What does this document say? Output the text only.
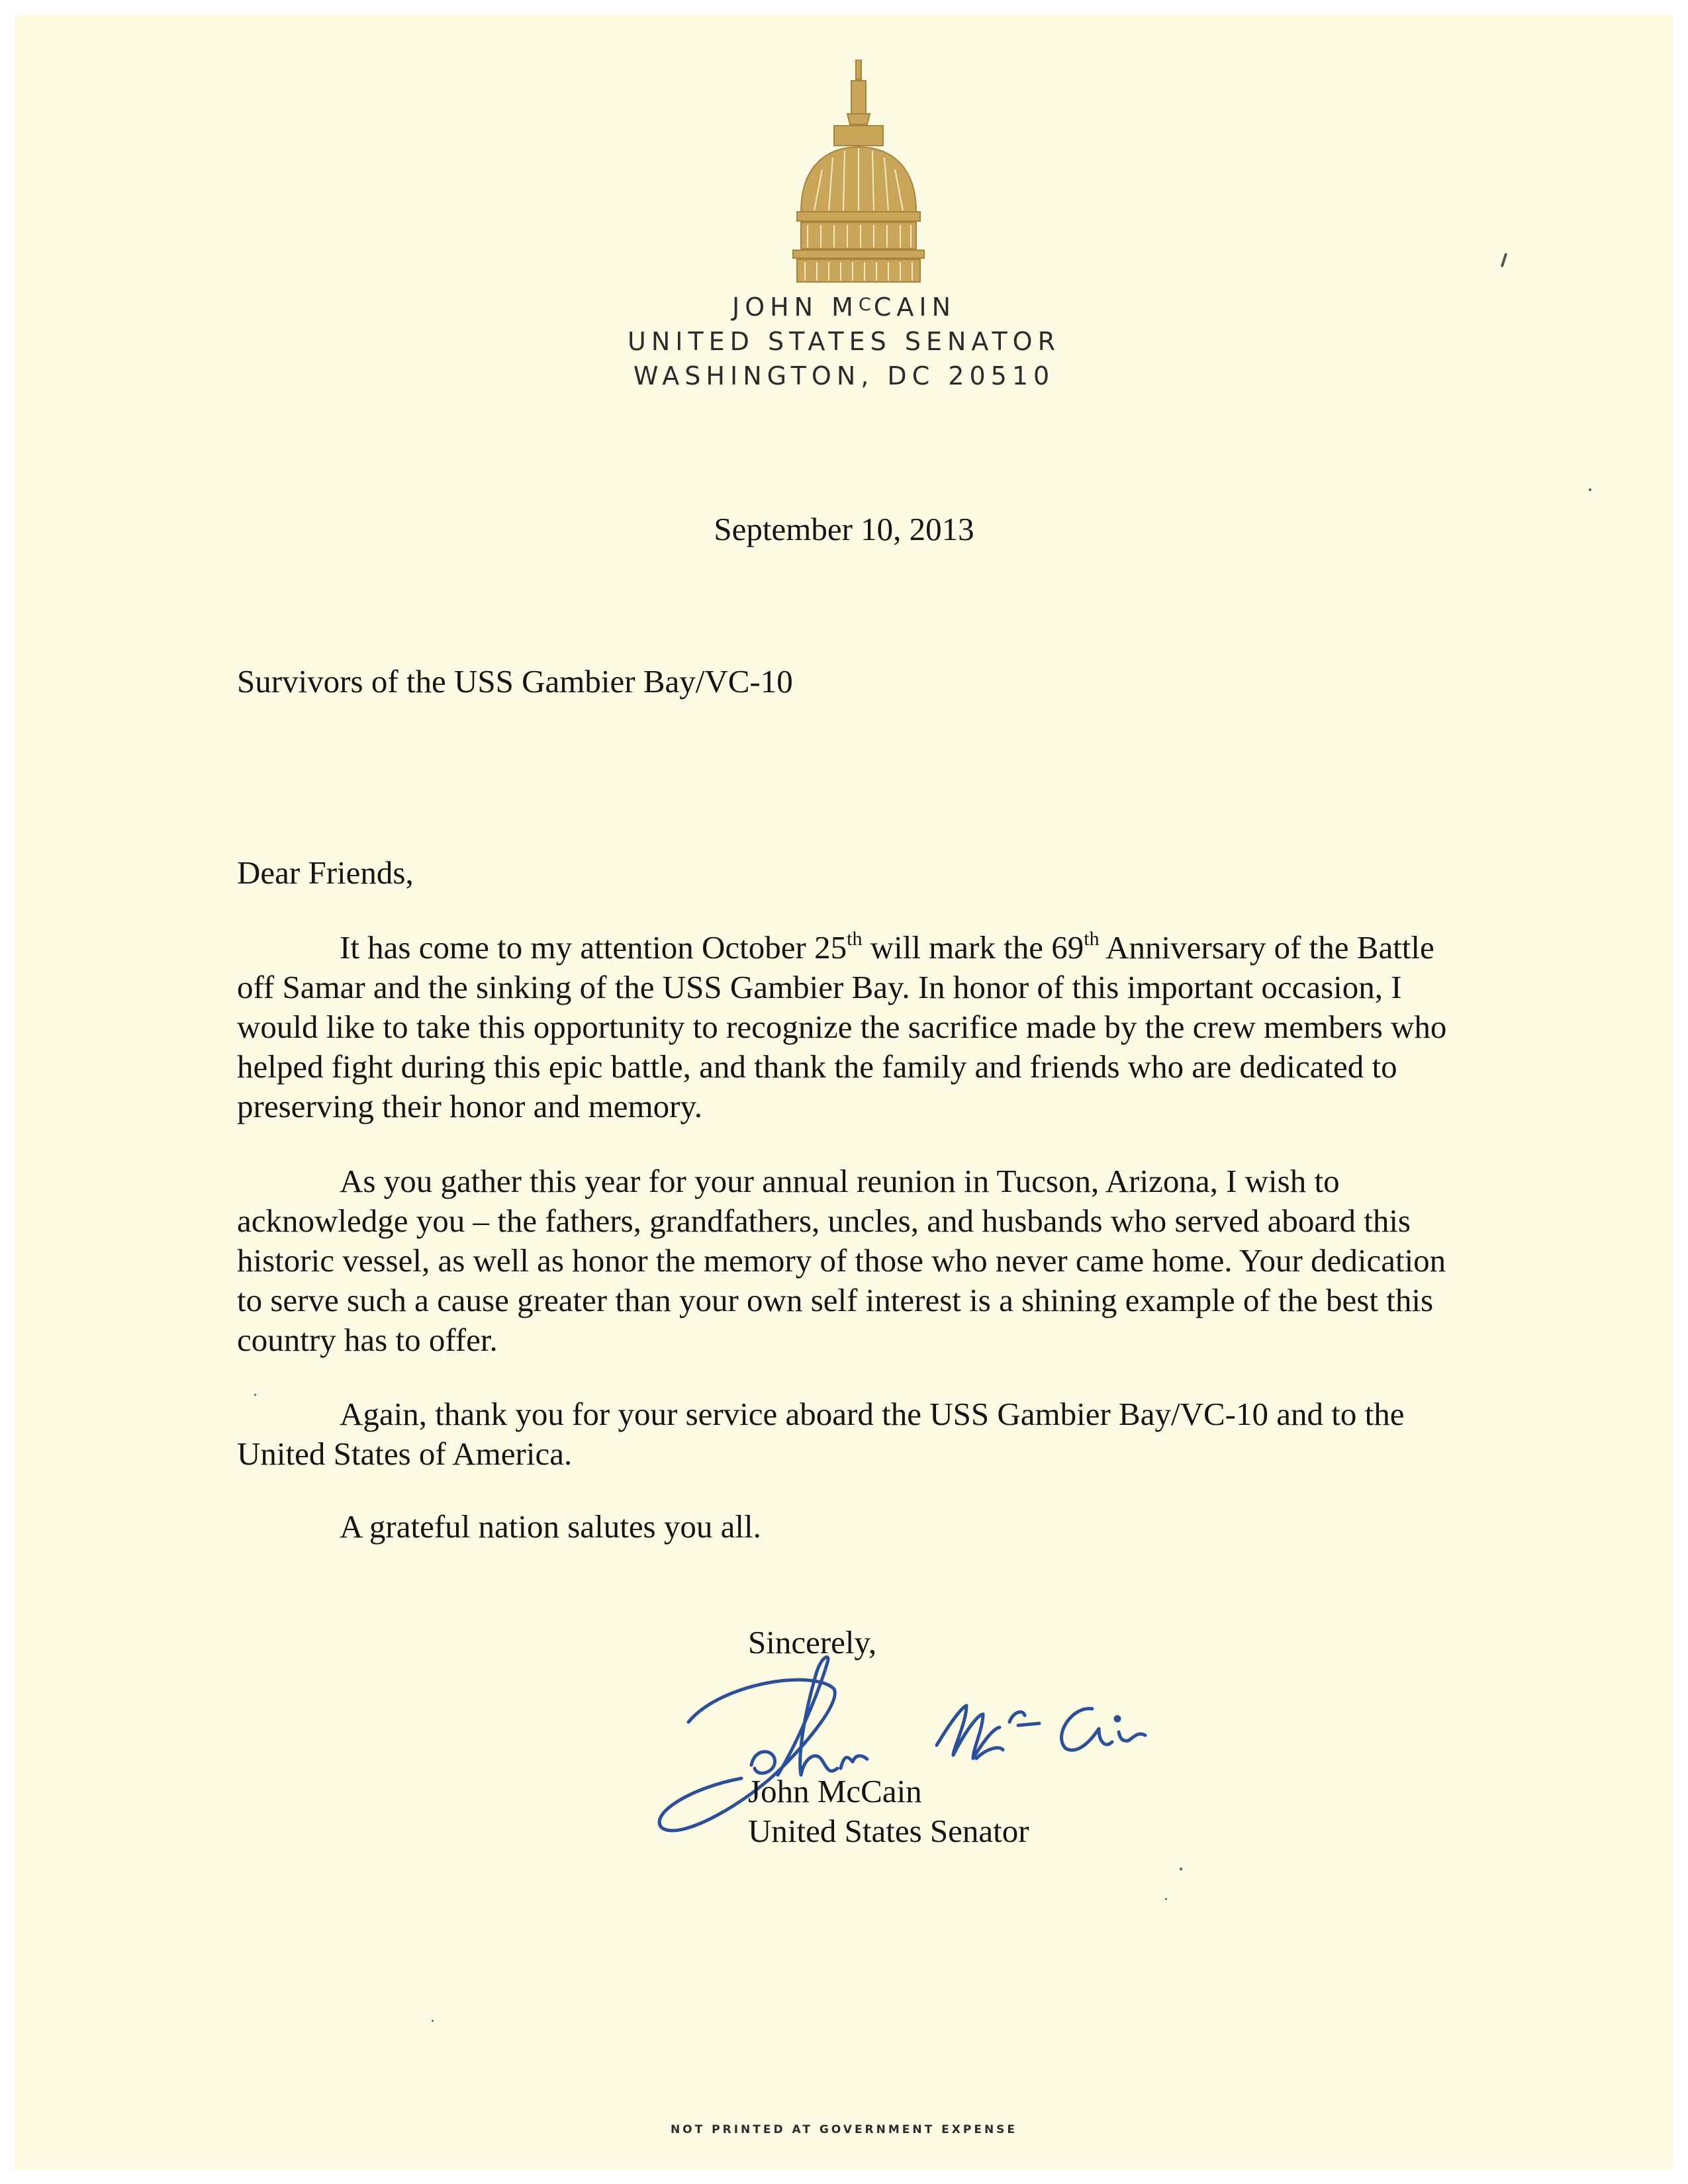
JOHN $M^CCAIN$

UNITED STATES SENATOR

WASHINGTON, DC 20510

September 10, 2013

Survivors of the USS Gambier Bay/VC-10

Dear Friends,

It has come to my attention October 25th will mark the 69th Anniversary of the Battle off Samar and the sinking of the USS Gambier Bay. In honor of this important occasion, I would like to take this opportunity to recognize the sacrifice made by the crew members who helped fight during this epic battle, and thank the family and friends who are dedicated to preserving their honor and memory.

As you gather this year for your annual reunion in Tucson, Arizona, I wish to acknowledge you – the fathers, grandfathers, uncles, and husbands who served aboard this historic vessel, as well as honor the memory of those who never came home. Your dedication to serve such a cause greater than your own self interest is a shining example of the best this country has to offer.

Again, thank you for your service aboard the USS Gambier Bay/VC-10 and to the United States of America.

A grateful nation salutes you all.

Sincerely,

John McCain

United States Senator

NOT PRINTED AT GOVERNMENT EXPENSE
